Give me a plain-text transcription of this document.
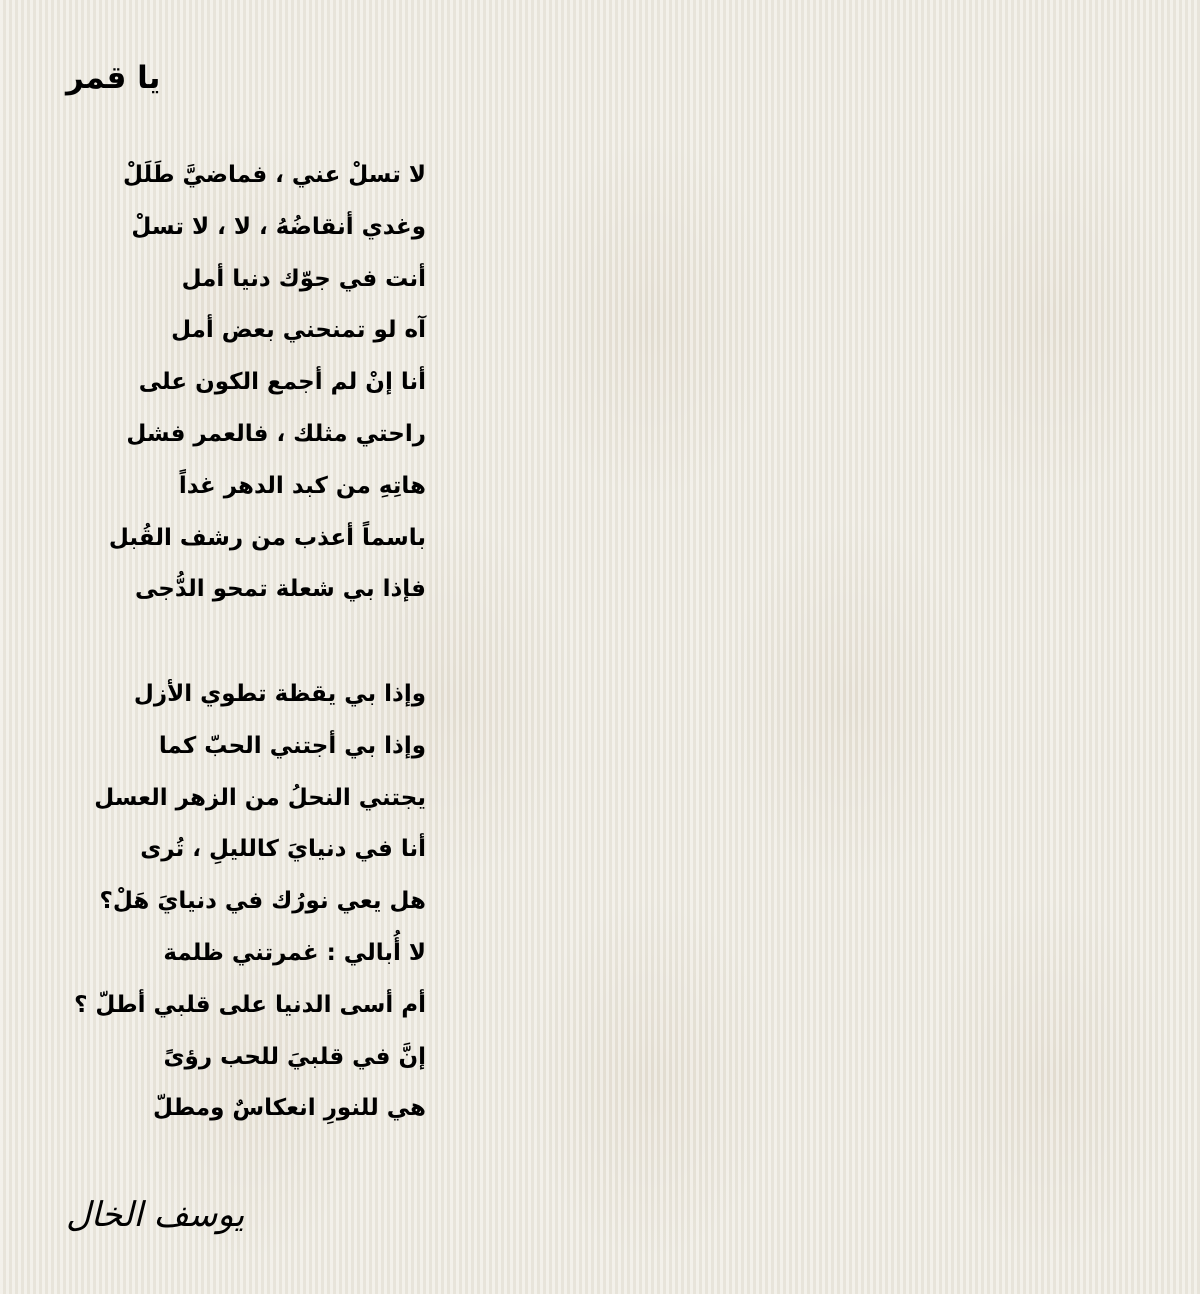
يا قمر
لا تسلْ عني ، فماضيَّ طَلَلْ
وغدي أنقاضُهُ ، لا ، لا تسلْ
أنت في جوّك دنيا أمل
آه لو تمنحني بعض أمل
أنا إنْ لم أجمع الكون على
راحتي مثلك ، فالعمر فشل
هاتِهِ من كبد الدهر غداً
باسماً أعذب من رشف القُبل
فإذا بي شعلة تمحو الدُّجى
وإذا بي يقظة تطوي الأزل
وإذا بي أجتني الحبّ كما
يجتني النحلُ من الزهر العسل
أنا في دنيايَ كالليلِ ، تُرى
هل يعي نورُك في دنيايَ هَلْ؟
لا أُبالي : غمرتني ظلمة
أم أسى الدنيا على قلبي أطلّ ؟
إنَّ في قلبيَ للحب رؤىً
هي للنورِ انعكاسٌ ومطلّ
يوسف الخال
